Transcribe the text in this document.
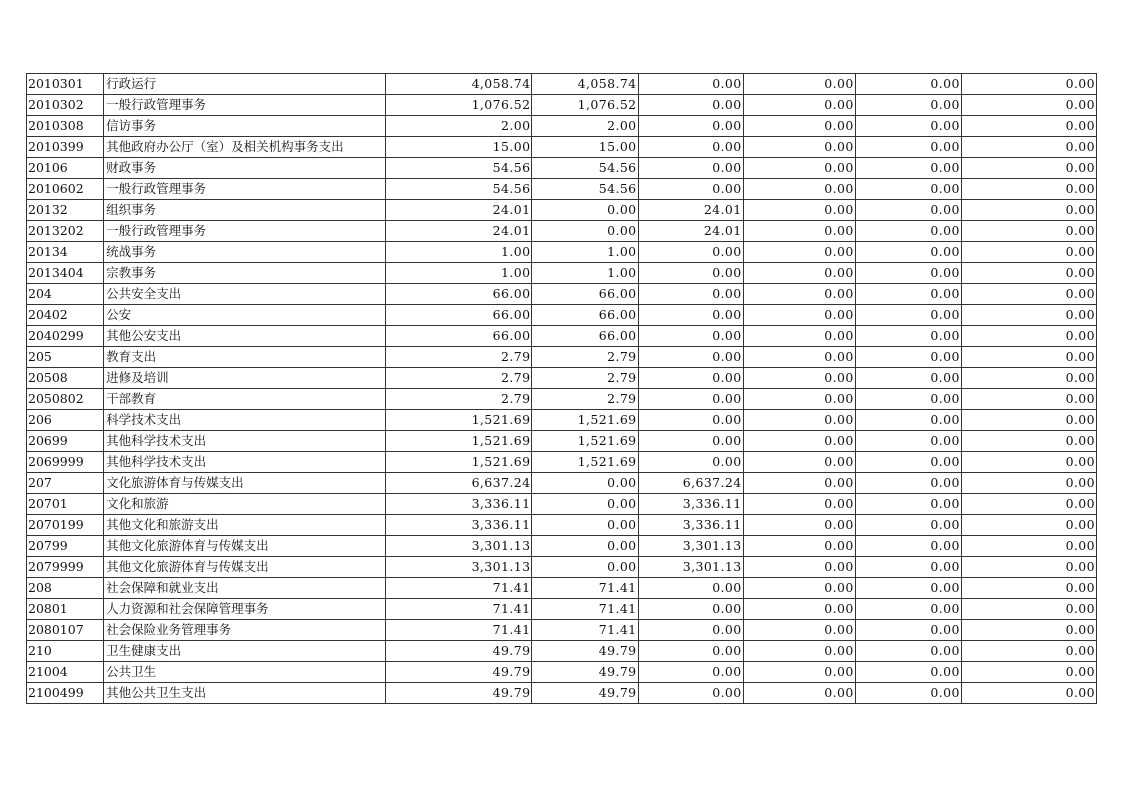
2010301	行政运行	4,058.74	4,058.74	0.00	0.00	0.00	0.00
2010302	一般行政管理事务	1,076.52	1,076.52	0.00	0.00	0.00	0.00
2010308	信访事务	2.00	2.00	0.00	0.00	0.00	0.00
2010399	其他政府办公厅（室）及相关机构事务支出	15.00	15.00	0.00	0.00	0.00	0.00
20106	财政事务	54.56	54.56	0.00	0.00	0.00	0.00
2010602	一般行政管理事务	54.56	54.56	0.00	0.00	0.00	0.00
20132	组织事务	24.01	0.00	24.01	0.00	0.00	0.00
2013202	一般行政管理事务	24.01	0.00	24.01	0.00	0.00	0.00
20134	统战事务	1.00	1.00	0.00	0.00	0.00	0.00
2013404	宗教事务	1.00	1.00	0.00	0.00	0.00	0.00
204	公共安全支出	66.00	66.00	0.00	0.00	0.00	0.00
20402	公安	66.00	66.00	0.00	0.00	0.00	0.00
2040299	其他公安支出	66.00	66.00	0.00	0.00	0.00	0.00
205	教育支出	2.79	2.79	0.00	0.00	0.00	0.00
20508	进修及培训	2.79	2.79	0.00	0.00	0.00	0.00
2050802	干部教育	2.79	2.79	0.00	0.00	0.00	0.00
206	科学技术支出	1,521.69	1,521.69	0.00	0.00	0.00	0.00
20699	其他科学技术支出	1,521.69	1,521.69	0.00	0.00	0.00	0.00
2069999	其他科学技术支出	1,521.69	1,521.69	0.00	0.00	0.00	0.00
207	文化旅游体育与传媒支出	6,637.24	0.00	6,637.24	0.00	0.00	0.00
20701	文化和旅游	3,336.11	0.00	3,336.11	0.00	0.00	0.00
2070199	其他文化和旅游支出	3,336.11	0.00	3,336.11	0.00	0.00	0.00
20799	其他文化旅游体育与传媒支出	3,301.13	0.00	3,301.13	0.00	0.00	0.00
2079999	其他文化旅游体育与传媒支出	3,301.13	0.00	3,301.13	0.00	0.00	0.00
208	社会保障和就业支出	71.41	71.41	0.00	0.00	0.00	0.00
20801	人力资源和社会保障管理事务	71.41	71.41	0.00	0.00	0.00	0.00
2080107	社会保险业务管理事务	71.41	71.41	0.00	0.00	0.00	0.00
210	卫生健康支出	49.79	49.79	0.00	0.00	0.00	0.00
21004	公共卫生	49.79	49.79	0.00	0.00	0.00	0.00
2100499	其他公共卫生支出	49.79	49.79	0.00	0.00	0.00	0.00
